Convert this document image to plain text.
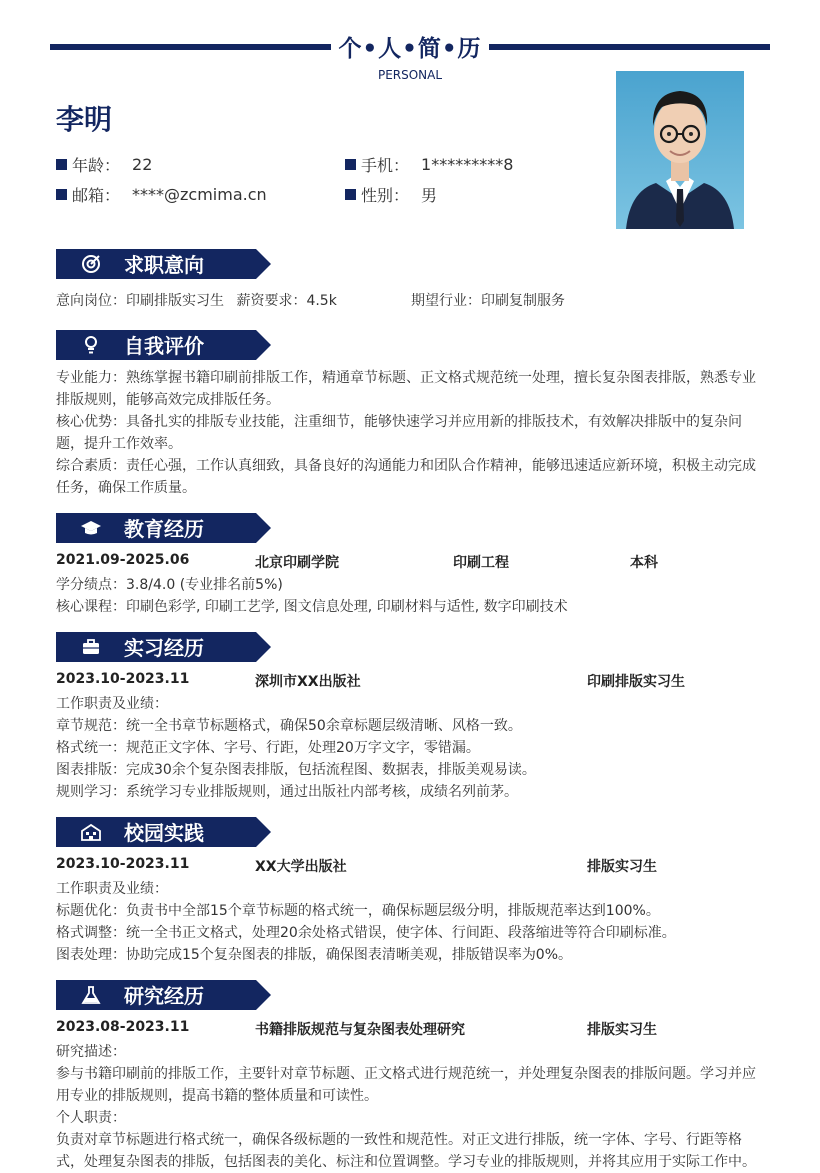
个•人•简•历
PERSONAL
李明
年龄： 22	手机： 1*********8
邮箱： ****@zcmima.cn	性别： 男
求职意向
意向岗位：印刷排版实习生 薪资要求：4.5k	期望行业：印刷复制服务
自我评价
专业能力：熟练掌握书籍印刷前排版工作，精通章节标题、正文格式规范统一处理，擅长复杂图表排版，熟悉专业排版规则，能够高效完成排版任务。
核心优势：具备扎实的排版专业技能，注重细节，能够快速学习并应用新的排版技术，有效解决排版中的复杂问题，提升工作效率。
综合素质：责任心强，工作认真细致，具备良好的沟通能力和团队合作精神，能够迅速适应新环境，积极主动完成任务，确保工作质量。
教育经历
2021.09-2025.06	北京印刷学院	印刷工程	本科
学分绩点：3.8/4.0 (专业排名前5%)
核心课程：印刷色彩学, 印刷工艺学, 图文信息处理, 印刷材料与适性, 数字印刷技术
实习经历
2023.10-2023.11	深圳市XX出版社	印刷排版实习生
工作职责及业绩：
章节规范：统一全书章节标题格式，确保50余章标题层级清晰、风格一致。
格式统一：规范正文字体、字号、行距，处理20万字文字，零错漏。
图表排版：完成30余个复杂图表排版，包括流程图、数据表，排版美观易读。
规则学习：系统学习专业排版规则，通过出版社内部考核，成绩名列前茅。
校园实践
2023.10-2023.11	XX大学出版社	排版实习生
工作职责及业绩：
标题优化：负责书中全部15个章节标题的格式统一，确保标题层级分明，排版规范率达到100%。
格式调整：统一全书正文格式，处理20余处格式错误，使字体、行间距、段落缩进等符合印刷标准。
图表处理：协助完成15个复杂图表的排版，确保图表清晰美观，排版错误率为0%。
研究经历
2023.08-2023.11	书籍排版规范与复杂图表处理研究	排版实习生
研究描述：
参与书籍印刷前的排版工作，主要针对章节标题、正文格式进行规范统一，并处理复杂图表的排版问题。学习并应用专业的排版规则，提高书籍的整体质量和可读性。
个人职责：
负责对章节标题进行格式统一，确保各级标题的一致性和规范性。对正文进行排版，统一字体、字号、行距等格式，处理复杂图表的排版，包括图表的美化、标注和位置调整。学习专业的排版规则，并将其应用于实际工作中。
